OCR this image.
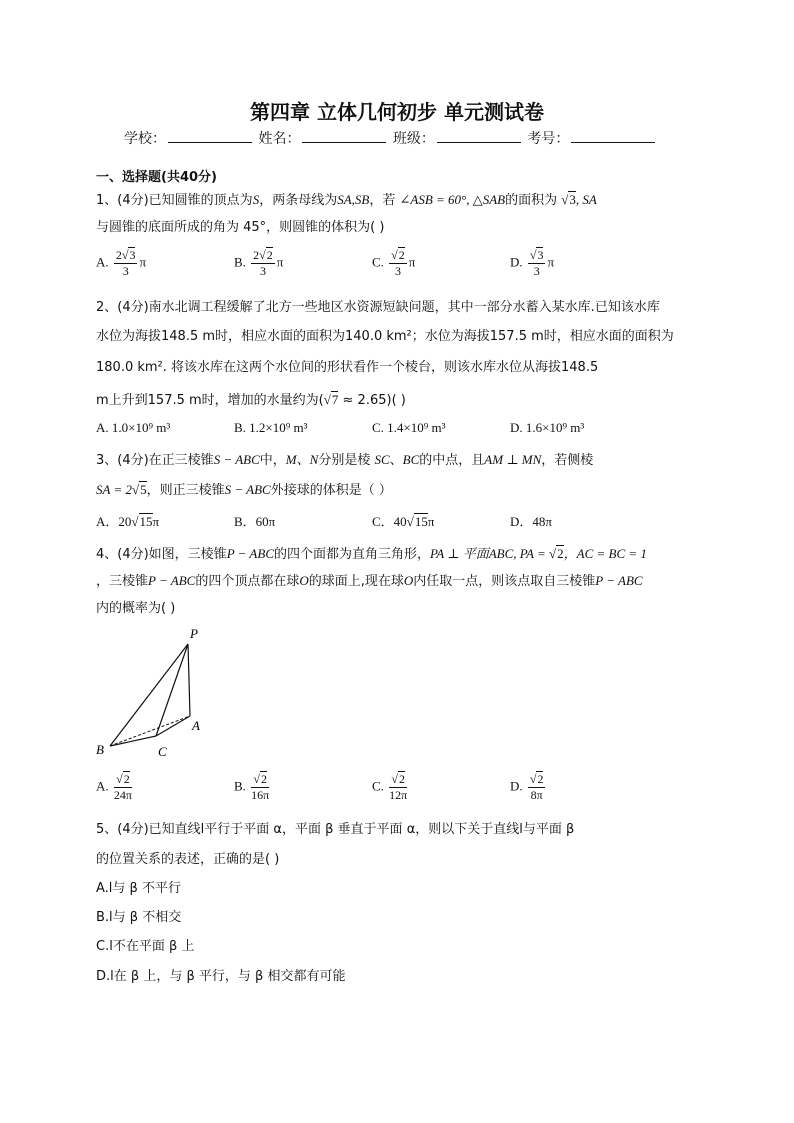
第四章 立体几何初步 单元测试卷
学校：	姓名：	班级：	考号：
一、选择题(共40分)
1、(4分)已知圆锥的顶点为S，两条母线为SA,SB，若 ∠ASB = 60°, △SAB的面积为 √3, SA
与圆锥的底面所成的角为 45°，则圆锥的体积为( )
A. $\frac{2√3}{3}$ π	B. $\frac{2√2}{3}$ π	C. $\frac{√2}{3}$ π	D. $\frac{√3}{3}$ π
2、(4分)南水北调工程缓解了北方一些地区水资源短缺问题，其中一部分水蓄入某水库.已知该水库
水位为海拔148.5 m时，相应水面的面积为140.0 km²；水位为海拔157.5 m时，相应水面的面积为
180.0 km². 将该水库在这两个水位间的形状看作一个棱台，则该水库水位从海拔148.5
m上升到157.5 m时，增加的水量约为(√7 ≈ 2.65)( )
A. 1.0×10⁹ m³	B. 1.2×10⁹ m³	C. 1.4×10⁹ m³	D. 1.6×10⁹ m³
3、(4分)在正三棱锥S − ABC中，M、N分别是棱 SC、BC的中点，且AM ⊥ MN，若侧棱
SA = 2√5，则正三棱锥S − ABC外接球的体积是（ ）
A．20√15π	B．60π	C．40√15π	D．48π
4、(4分)如图，三棱锥P − ABC的四个面都为直角三角形，PA ⊥ 平面ABC, PA = √2，AC = BC = 1
，三棱锥P − ABC的四个顶点都在球O的球面上,现在球O内任取一点，则该点取自三棱锥P − ABC
内的概率为( )
P
A
B	C
A. $\frac{√2}{24\pi}$	B. $\frac{√2}{16\pi}$	C. $\frac{√2}{12\pi}$	D. $\frac{√2}{8\pi}$
5、(4分)已知直线l平行于平面 α，平面 β 垂直于平面 α，则以下关于直线l与平面 β
的位置关系的表述，正确的是( )
A.l与 β 不平行
B.l与 β 不相交
C.l不在平面 β 上
D.l在 β 上，与 β 平行，与 β 相交都有可能
